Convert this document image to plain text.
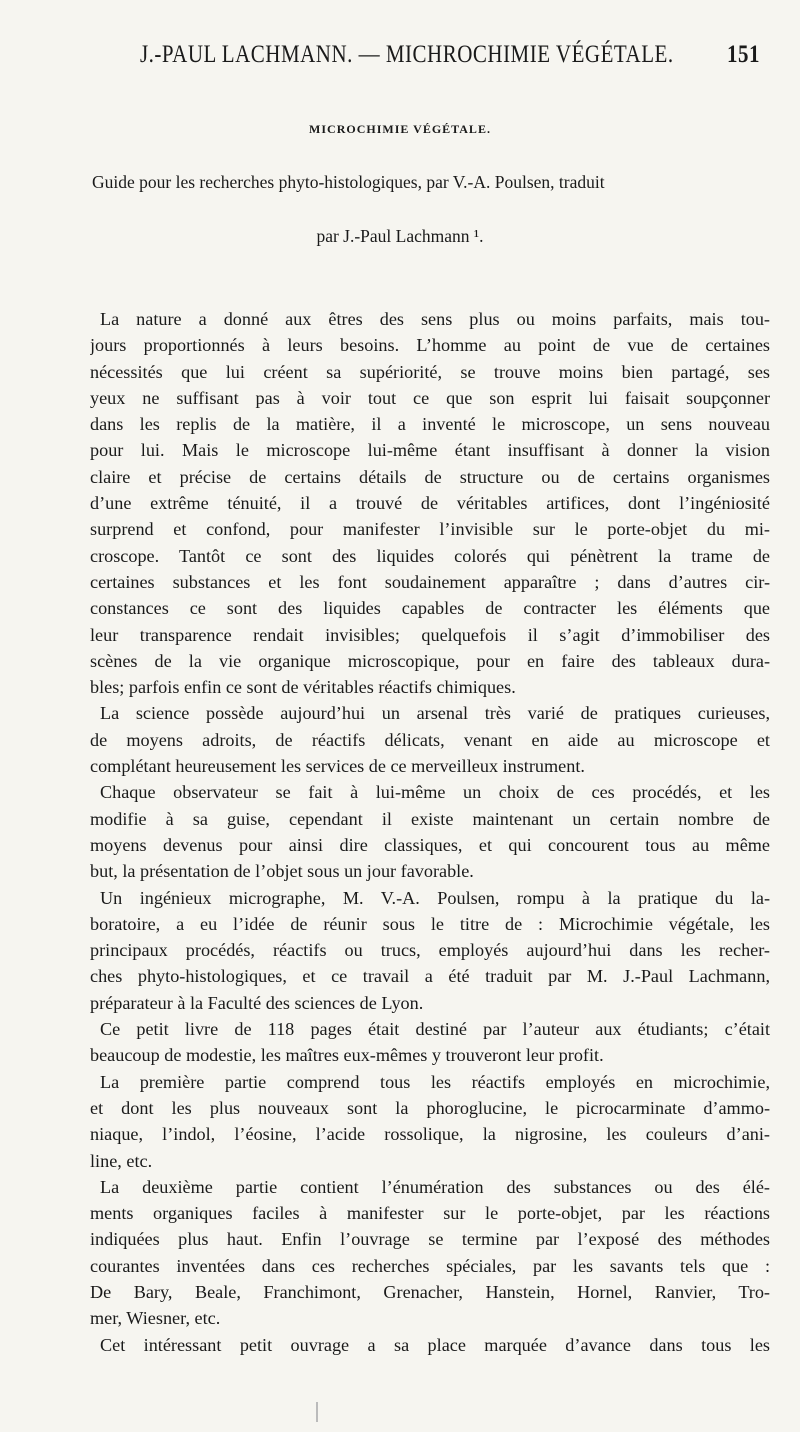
J.-PAUL LACHMANN. — MICHROCHIMIE VÉGÉTALE.	151
MICROCHIMIE VÉGÉTALE.
Guide pour les recherches phyto-histologiques, par V.-A. Poulsen, traduit
par J.-Paul Lachmann ¹.
La nature a donné aux êtres des sens plus ou moins parfaits, mais tou-
jours proportionnés à leurs besoins. L’homme au point de vue de certaines
nécessités que lui créent sa supériorité, se trouve moins bien partagé, ses
yeux ne suffisant pas à voir tout ce que son esprit lui faisait soupçonner
dans les replis de la matière, il a inventé le microscope, un sens nouveau
pour lui. Mais le microscope lui-même étant insuffisant à donner la vision
claire et précise de certains détails de structure ou de certains organismes
d’une extrême ténuité, il a trouvé de véritables artifices, dont l’ingéniosité
surprend et confond, pour manifester l’invisible sur le porte-objet du mi-
croscope. Tantôt ce sont des liquides colorés qui pénètrent la trame de
certaines substances et les font soudainement apparaître ; dans d’autres cir-
constances ce sont des liquides capables de contracter les éléments que
leur transparence rendait invisibles; quelquefois il s’agit d’immobiliser des
scènes de la vie organique microscopique, pour en faire des tableaux dura-
bles; parfois enfin ce sont de véritables réactifs chimiques.
La science possède aujourd’hui un arsenal très varié de pratiques curieuses,
de moyens adroits, de réactifs délicats, venant en aide au microscope et
complétant heureusement les services de ce merveilleux instrument.
Chaque observateur se fait à lui-même un choix de ces procédés, et les
modifie à sa guise, cependant il existe maintenant un certain nombre de
moyens devenus pour ainsi dire classiques, et qui concourent tous au même
but, la présentation de l’objet sous un jour favorable.
Un ingénieux micrographe, M. V.-A. Poulsen, rompu à la pratique du la-
boratoire, a eu l’idée de réunir sous le titre de : Microchimie végétale, les
principaux procédés, réactifs ou trucs, employés aujourd’hui dans les recher-
ches phyto-histologiques, et ce travail a été traduit par M. J.-Paul Lachmann,
préparateur à la Faculté des sciences de Lyon.
Ce petit livre de 118 pages était destiné par l’auteur aux étudiants; c’était
beaucoup de modestie, les maîtres eux-mêmes y trouveront leur profit.
La première partie comprend tous les réactifs employés en microchimie,
et dont les plus nouveaux sont la phoroglucine, le picrocarminate d’ammo-
niaque, l’indol, l’éosine, l’acide rossolique, la nigrosine, les couleurs d’ani-
line, etc.
La deuxième partie contient l’énumération des substances ou des élé-
ments organiques faciles à manifester sur le porte-objet, par les réactions
indiquées plus haut. Enfin l’ouvrage se termine par l’exposé des méthodes
courantes inventées dans ces recherches spéciales, par les savants tels que :
De Bary, Beale, Franchimont, Grenacher, Hanstein, Hornel, Ranvier, Tro-
mer, Wiesner, etc.
Cet intéressant petit ouvrage a sa place marquée d’avance dans tous les
